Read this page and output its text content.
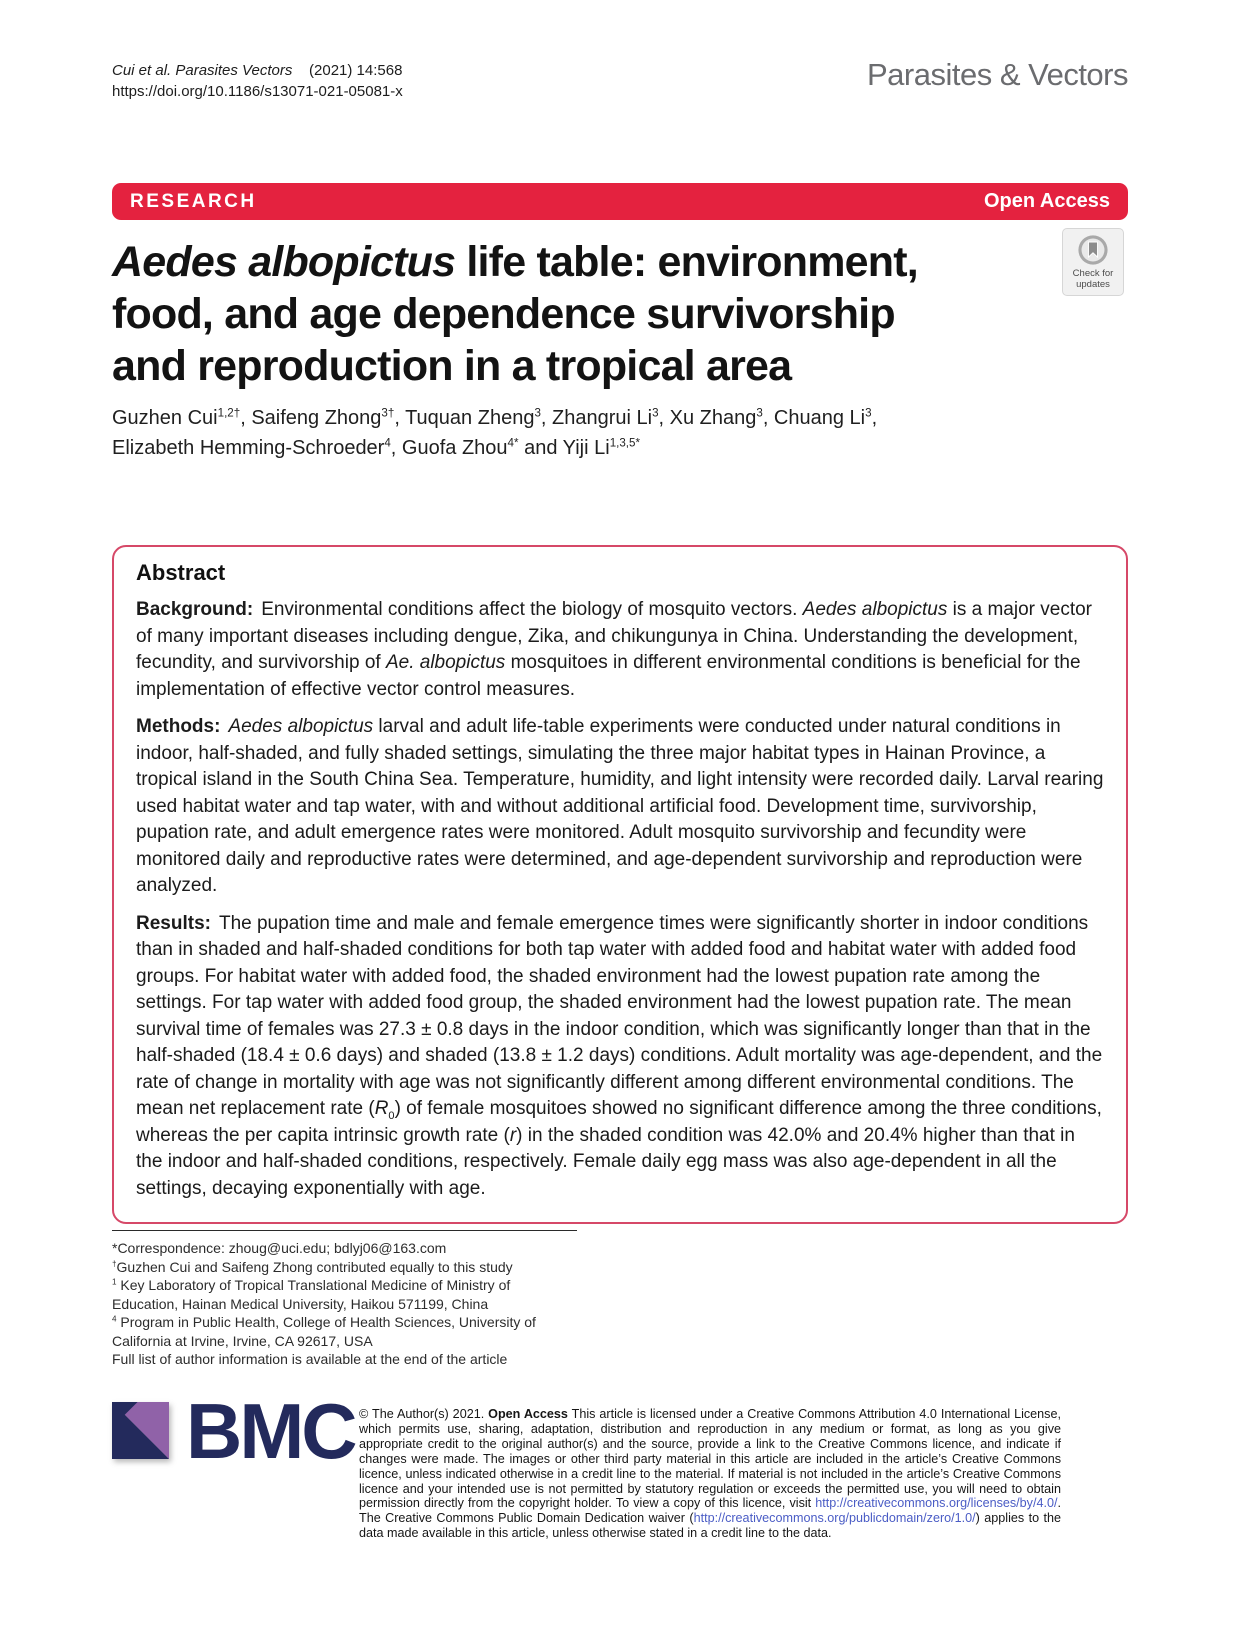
Cui et al. Parasites Vectors    (2021) 14:568
https://doi.org/10.1186/s13071-021-05081-x	Parasites & Vectors
RESEARCH	Open Access
Check for
updates
Aedes albopictus life table: environment,
food, and age dependence survivorship
and reproduction in a tropical area
Guzhen Cui$^{1,2\dagger}$, Saifeng Zhong$^{3\dagger}$, Tuquan Zheng$^3$, Zhangrui Li$^3$, Xu Zhang$^3$, Chuang Li$^3$,
Elizabeth Hemming-Schroeder$^4$, Guofa Zhou$^{4*}$ and Yiji $Li^{1,3,5*}$
Abstract
Background: Environmental conditions affect the biology of mosquito vectors. Aedes albopictus is a major vector of many important diseases including dengue, Zika, and chikungunya in China. Understanding the development, fecundity, and survivorship of Ae. albopictus mosquitoes in different environmental conditions is beneficial for the implementation of effective vector control measures.
Methods: Aedes albopictus larval and adult life-table experiments were conducted under natural conditions in indoor, half-shaded, and fully shaded settings, simulating the three major habitat types in Hainan Province, a tropical island in the South China Sea. Temperature, humidity, and light intensity were recorded daily. Larval rearing used habitat water and tap water, with and without additional artificial food. Development time, survivorship, pupation rate, and adult emergence rates were monitored. Adult mosquito survivorship and fecundity were monitored daily and reproductive rates were determined, and age-dependent survivorship and reproduction were analyzed.
Results: The pupation time and male and female emergence times were significantly shorter in indoor conditions than in shaded and half-shaded conditions for both tap water with added food and habitat water with added food groups. For habitat water with added food, the shaded environment had the lowest pupation rate among the settings. For tap water with added food group, the shaded environment had the lowest pupation rate. The mean survival time of females was 27.3 ± 0.8 days in the indoor condition, which was significantly longer than that in the half-shaded (18.4 ± 0.6 days) and shaded (13.8 ± 1.2 days) conditions. Adult mortality was age-dependent, and the rate of change in mortality with age was not significantly different among different environmental conditions. The mean net replacement rate $(R_0)$ of female mosquitoes showed no significant difference among the three conditions, whereas the per capita intrinsic growth rate (r) in the shaded condition was 42.0% and 20.4% higher than that in the indoor and half-shaded conditions, respectively. Female daily egg mass was also age-dependent in all the settings, decaying exponentially with age.
*Correspondence: zhoug@uci.edu; bdlyj06@163.com
†Guzhen Cui and Saifeng Zhong contributed equally to this study
$^1$ Key Laboratory of Tropical Translational Medicine of Ministry of Education, Hainan Medical University, Haikou 571199, China
$^4$ Program in Public Health, College of Health Sciences, University of California at Irvine, Irvine, CA 92617, USA
Full list of author information is available at the end of the article
BMC © The Author(s) 2021. Open Access This article is licensed under a Creative Commons Attribution 4.0 International License, which permits use, sharing, adaptation, distribution and reproduction in any medium or format, as long as you give appropriate credit to the original author(s) and the source, provide a link to the Creative Commons licence, and indicate if changes were made. The images or other third party material in this article are included in the article’s Creative Commons licence, unless indicated otherwise in a credit line to the material. If material is not included in the article’s Creative Commons licence and your intended use is not permitted by statutory regulation or exceeds the permitted use, you will need to obtain permission directly from the copyright holder. To view a copy of this licence, visit http://creativecommons.org/licenses/by/4.0/. The Creative Commons Public Domain Dedication waiver (http://creativecommons.org/publicdomain/zero/1.0/) applies to the data made available in this article, unless otherwise stated in a credit line to the data.
